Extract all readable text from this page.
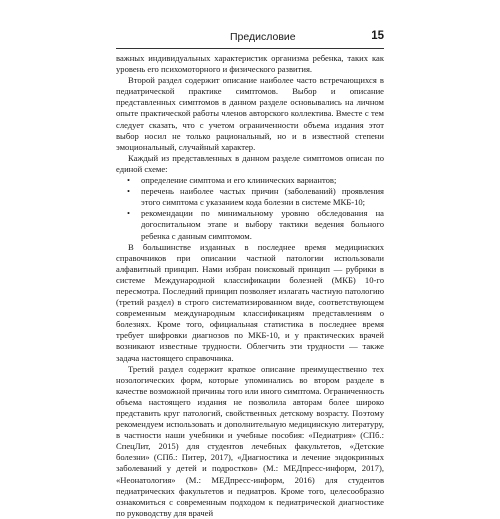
Предисловие	15

важных индивидуальных характеристик организма ребенка, таких как уровень его психомоторного и физического развития.

Второй раздел содержит описание наиболее часто встречающихся в педиатрической практике симптомов. Выбор и описание представленных симптомов в данном разделе основывались на личном опыте практической работы членов авторского коллектива. Вместе с тем следует сказать, что с учетом ограниченности объема издания этот выбор носил не только рациональный, но и в известной степени эмоциональный, случайный характер.

Каждый из представленных в данном разделе симптомов описан по единой схеме:

• определение симптома и его клинических вариантов;
• перечень наиболее частых причин (заболеваний) проявления этого симптома с указанием кода болезни в системе МКБ-10;
• рекомендации по минимальному уровню обследования на догоспитальном этапе и выбору тактики ведения больного ребенка с данным симптомом.

В большинстве изданных в последнее время медицинских справочников при описании частной патологии использовали алфавитный принцип. Нами избран поисковый принцип — рубрики в системе Международной классификации болезней (МКБ) 10-го пересмотра. Последний принцип позволяет излагать частную патологию (третий раздел) в строго систематизированном виде, соответствующем современным международным классификациям представлениям о болезнях. Кроме того, официальная статистика в последнее время требует шифровки диагнозов по МКБ-10, и у практических врачей возникают известные трудности. Облегчить эти трудности — также задача настоящего справочника.

Третий раздел содержит краткое описание преимущественно тех нозологических форм, которые упоминались во втором разделе в качестве возможной причины того или иного симптома. Ограниченность объема настоящего издания не позволила авторам более широко представить круг патологий, свойственных детскому возрасту. Поэтому рекомендуем использовать и дополнительную медицинскую литературу, в частности наши учебники и учебные пособия: «Педиатрия» (СПб.: СпецЛит, 2015) для студентов лечебных факультетов, «Детские болезни» (СПб.: Питер, 2017), «Диагностика и лечение эндокринных заболеваний у детей и подростков» (М.: МЕДпресс-информ, 2017), «Неонатология» (М.: МЕДпресс-информ, 2016) для студентов педиатрических факультетов и педиатров. Кроме того, целесообразно ознакомиться с современным подходом к педиатрической диагностике по руководству для врачей
